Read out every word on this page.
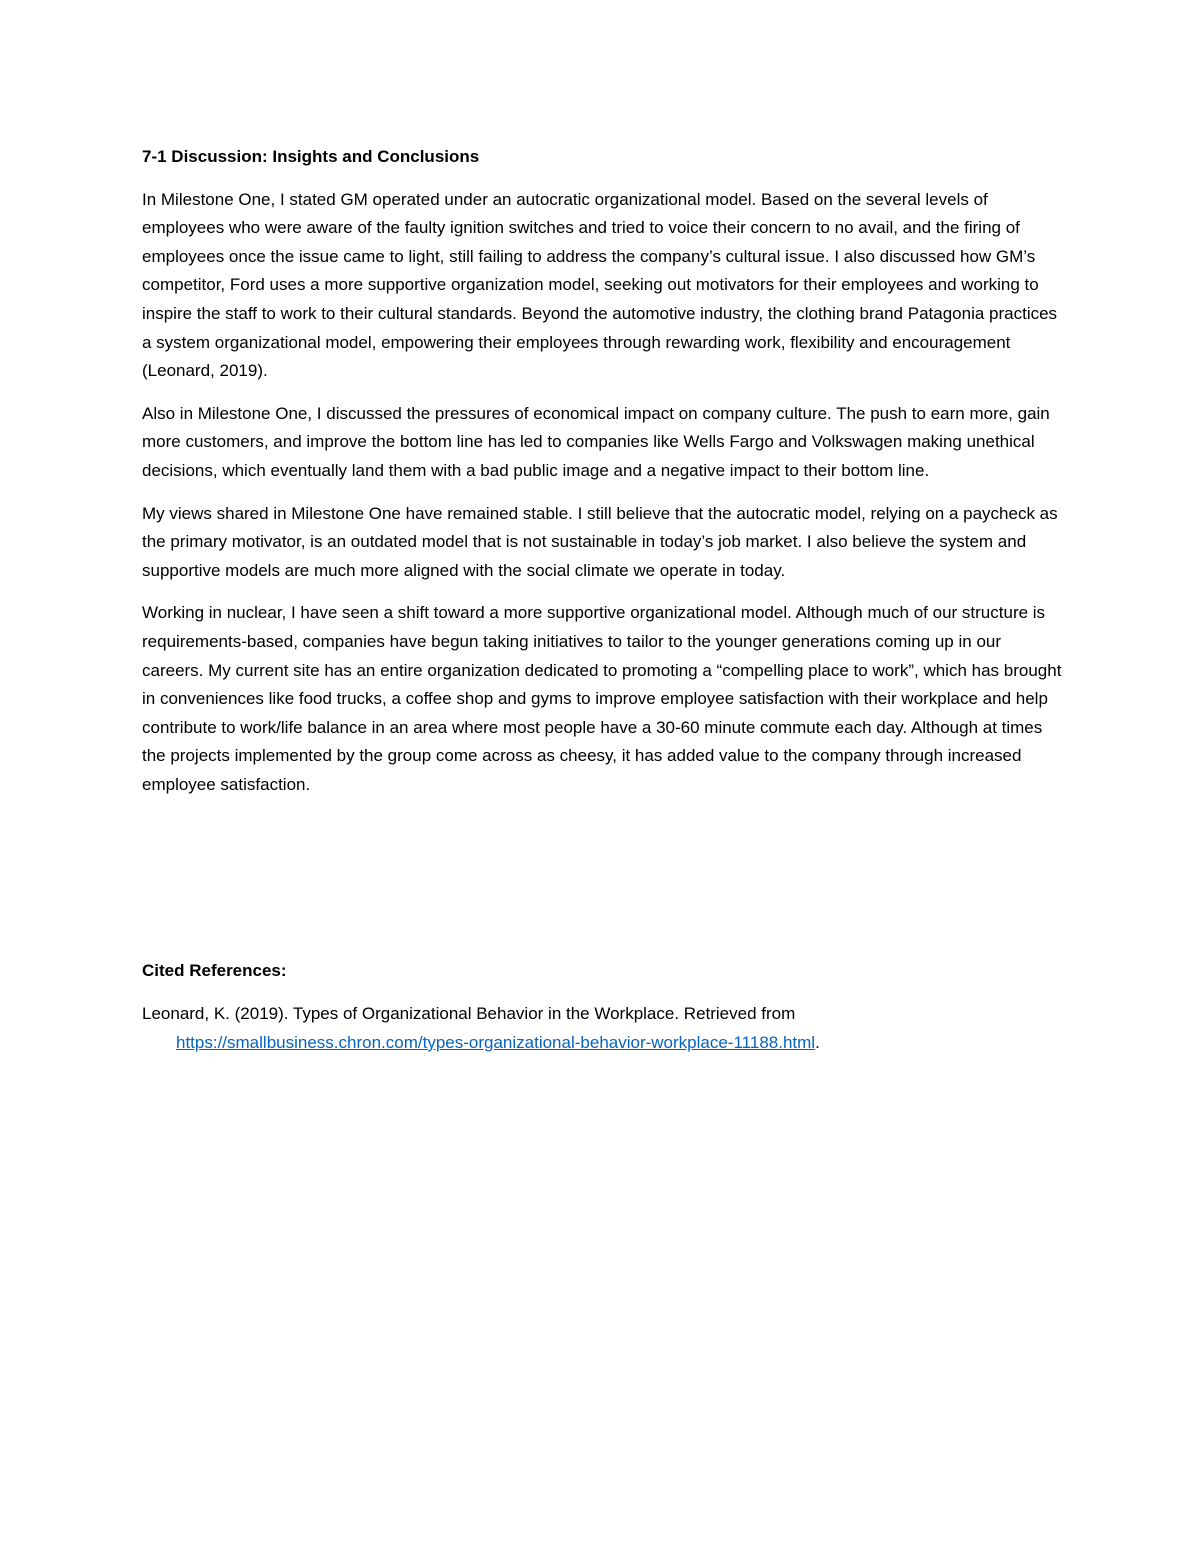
7-1 Discussion: Insights and Conclusions

In Milestone One, I stated GM operated under an autocratic organizational model. Based on the several levels of employees who were aware of the faulty ignition switches and tried to voice their concern to no avail, and the firing of employees once the issue came to light, still failing to address the company’s cultural issue. I also discussed how GM’s competitor, Ford uses a more supportive organization model, seeking out motivators for their employees and working to inspire the staff to work to their cultural standards. Beyond the automotive industry, the clothing brand Patagonia practices a system organizational model, empowering their employees through rewarding work, flexibility and encouragement (Leonard, 2019).

Also in Milestone One, I discussed the pressures of economical impact on company culture. The push to earn more, gain more customers, and improve the bottom line has led to companies like Wells Fargo and Volkswagen making unethical decisions, which eventually land them with a bad public image and a negative impact to their bottom line.

My views shared in Milestone One have remained stable. I still believe that the autocratic model, relying on a paycheck as the primary motivator, is an outdated model that is not sustainable in today’s job market. I also believe the system and supportive models are much more aligned with the social climate we operate in today.

Working in nuclear, I have seen a shift toward a more supportive organizational model. Although much of our structure is requirements-based, companies have begun taking initiatives to tailor to the younger generations coming up in our careers. My current site has an entire organization dedicated to promoting a “compelling place to work”, which has brought in conveniences like food trucks, a coffee shop and gyms to improve employee satisfaction with their workplace and help contribute to work/life balance in an area where most people have a 30-60 minute commute each day. Although at times the projects implemented by the group come across as cheesy, it has added value to the company through increased employee satisfaction.

Cited References:

Leonard, K. (2019). Types of Organizational Behavior in the Workplace. Retrieved from https://smallbusiness.chron.com/types-organizational-behavior-workplace-11188.html.
